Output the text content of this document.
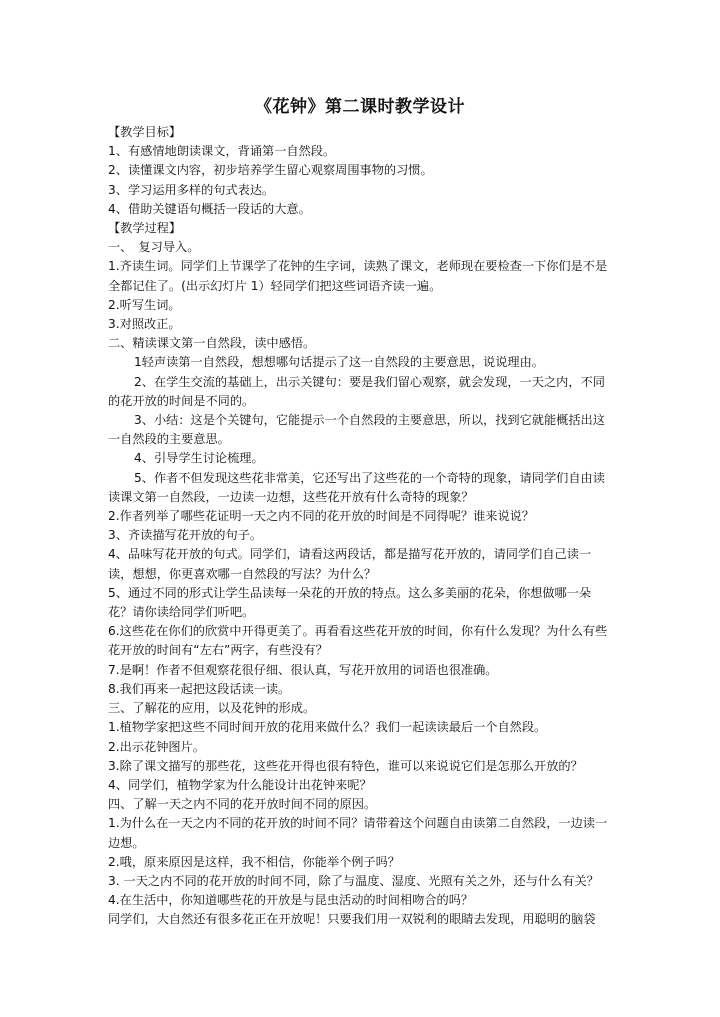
《花钟》第二课时教学设计

【教学目标】

1、有感情地朗读课文，背诵第一自然段。

2、读懂课文内容，初步培养学生留心观察周围事物的习惯。

3、学习运用多样的句式表达。

4、借助关键语句概括一段话的大意。

【教学过程】

一、　复习导入。

1.齐读生词。同学们上节课学了花钟的生字词，读熟了课文，老师现在要检查一下你们是不是全都记住了。(出示幻灯片 1）轻同学们把这些词语齐读一遍。

2.听写生词。

3.对照改正。

二、精读课文第一自然段，读中感悟。

1轻声读第一自然段，想想哪句话提示了这一自然段的主要意思，说说理由。

2、在学生交流的基础上，出示关键句：要是我们留心观察，就会发现，一天之内，不同的花开放的时间是不同的。

3、小结：这是个关键句，它能提示一个自然段的主要意思，所以，找到它就能概括出这一自然段的主要意思。

4、引导学生讨论梳理。

5、作者不但发现这些花非常美，它还写出了这些花的一个奇特的现象，请同学们自由读读课文第一自然段，一边读一边想，这些花开放有什么奇特的现象？

2.作者列举了哪些花证明一天之内不同的花开放的时间是不同得呢？谁来说说？

3、齐读描写花开放的句子。

4、品味写花开放的句式。同学们，请看这两段话，都是描写花开放的，请同学们自己读一读，想想，你更喜欢哪一自然段的写法？为什么？

5、通过不同的形式让学生品读每一朵花的开放的特点。这么多美丽的花朵，你想做哪一朵花？请你读给同学们听吧。

6.这些花在你们的欣赏中开得更美了。再看看这些花开放的时间，你有什么发现？为什么有些花开放的时间有“左右”两字，有些没有？

7.是啊！作者不但观察花很仔细、很认真，写花开放用的词语也很准确。

8.我们再来一起把这段话读一读。

三、了解花的应用，以及花钟的形成。

1.植物学家把这些不同时间开放的花用来做什么？我们一起读读最后一个自然段。

2.出示花钟图片。

3.除了课文描写的那些花，这些花开得也很有特色，谁可以来说说它们是怎那么开放的？

4、同学们，植物学家为什么能设计出花钟来呢？

四、了解一天之内不同的花开放时间不同的原因。

1.为什么在一天之内不同的花开放的时间不同？请带着这个问题自由读第二自然段，一边读一边想。

2.哦，原来原因是这样，我不相信，你能举个例子吗？

3. 一天之内不同的花开放的时间不同，除了与温度、湿度、光照有关之外，还与什么有关？

4.在生活中，你知道哪些花的开放是与昆虫活动的时间相吻合的吗？

同学们，大自然还有很多花正在开放呢！只要我们用一双锐利的眼睛去发现，用聪明的脑袋
